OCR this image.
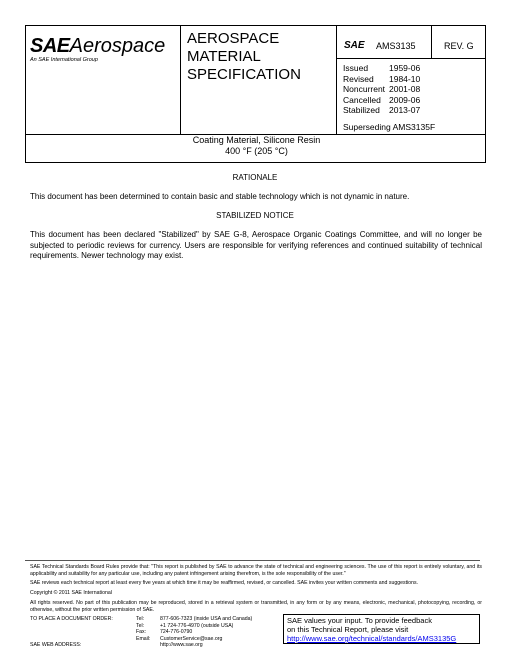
SAEAerospace
An SAE International Group
AEROSPACE
MATERIAL
SPECIFICATION
SAE AMS3135	REV. G
Issued	1959-06
Revised	1984-10
Noncurrent 2001-08
Cancelled 2009-06
Stabilized	2013-07
Superseding AMS3135F
Coating Material, Silicone Resin
400 °F (205 °C)
RATIONALE
This document has been determined to contain basic and stable technology which is not dynamic in nature.
STABILIZED NOTICE
This document has been declared "Stabilized" by SAE G-8, Aerospace Organic Coatings Committee, and will no longer be subjected to periodic reviews for currency. Users are responsible for verifying references and continued suitability of technical requirements. Newer technology may exist.
SAE Technical Standards Board Rules provide that: "This report is published by SAE to advance the state of technical and engineering sciences. The use of this report is entirely voluntary, and its applicability and suitability for any particular use, including any patent infringement arising therefrom, is the sole responsibility of the user."
SAE reviews each technical report at least every five years at which time it may be reaffirmed, revised, or cancelled. SAE invites your written comments and suggestions.
Copyright © 2011 SAE International
All rights reserved. No part of this publication may be reproduced, stored in a retrieval system or transmitted, in any form or by any means, electronic, mechanical, photocopying, recording, or otherwise, without the prior written permission of SAE.
TO PLACE A DOCUMENT ORDER:	Tel:	877-606-7323 (inside USA and Canada)
Tel:	+1 724-776-4970 (outside USA)
Fax:	724-776-0790
Email:	CustomerService@sae.org
SAE WEB ADDRESS:	http://www.sae.org
SAE values your input. To provide feedback
on this Technical Report, please visit
http://www.sae.org/technical/standards/AMS3135G
